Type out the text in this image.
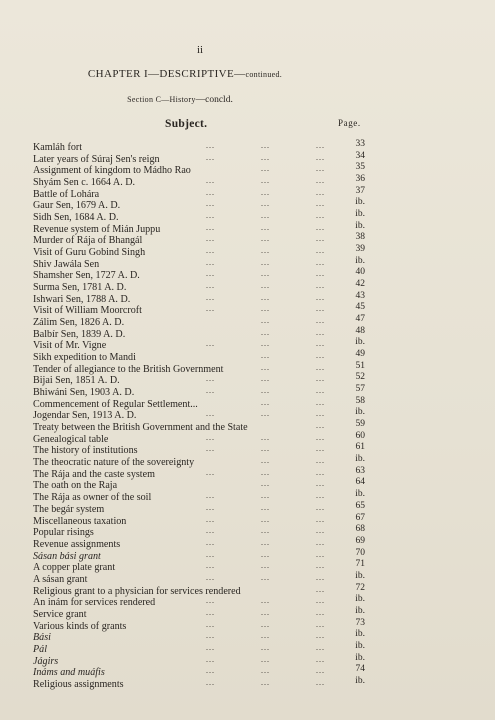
ii
CHAPTER I—DESCRIPTIVE—continued.
Section C—History—concld.
Subject.	Page.
Kamláh fort	...	...	...	33
Later years of Súraj Sen's reign	...	...	...	34
Assignment of kingdom to Mádho Rao	...	...	35
Shyám Sen c. 1664 A. D.	...	...	...	36
Battle of Lohára	...	...	...	37
Gaur Sen, 1679 A. D.	...	...	...	ib.
Sidh Sen, 1684 A. D.	...	...	...	ib.
Revenue system of Mián Juppu	...	...	...	ib.
Murder of Rája of Bhangál	...	...	...	38
Visit of Guru Gobind Singh	...	...	...	39
Shiv Jawála Sen	...	...	...	ib.
Shamsher Sen, 1727 A. D.	...	...	...	40
Surma Sen, 1781 A. D.	...	...	...	42
Ishwari Sen, 1788 A. D.	...	...	...	43
Visit of William Moorcroft	...	...	...	45
Zálim Sen, 1826 A. D.	...	...	47
Balbír Sen, 1839 A. D.	...	...	48
Visit of Mr. Vigne	...	...	...	ib.
Sikh expedition to Mandi	...	...	49
Tender of allegiance to the British Government	...	...	51
Bijai Sen, 1851 A. D.	...	...	...	52
Bhiwáni Sen, 1903 A. D.	...	...	...	57
Commencement of Regular Settlement...	...	...	58
Jogendar Sen, 1913 A. D.	...	...	...	ib.
Treaty between the British Government and the State	...	59
Genealogical table	...	...	...	60
The history of institutions	...	...	...	61
The theocratic nature of the sovereignty	...	...	ib.
The Rája and the caste system	...	...	...	63
The oath on the Raja	...	...	64
The Rája as owner of the soil	...	...	...	ib.
The begár system	...	...	...	65
Miscellaneous taxation	...	...	...	67
Popular risings	...	...	...	68
Revenue assignments	...	...	...	69
Sásan bási grant	...	...	...	70
A copper plate grant	...	...	...	71
A sásan grant	...	...	...	ib.
Religious grant to a physician for services rendered	...	72
An inám for services rendered	...	...	...	ib.
Service grant	...	...	...	ib.
Various kinds of grants	...	...	...	73
Bási	...	...	...	ib.
Pál	...	...	...	ib.
Jágirs	...	...	...	ib.
Ináms and muáfis	...	...	...	74
Religious assignments	...	...	...	ib.
